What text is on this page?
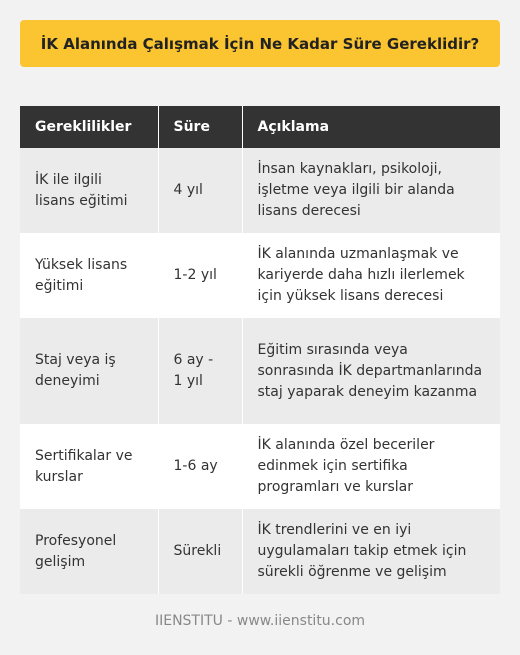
İK Alanında Çalışmak İçin Ne Kadar Süre Gereklidir?
Gereklilikler	Süre	Açıklama
İK ile ilgili lisans eğitimi	4 yıl	İnsan kaynakları, psikoloji, işletme veya ilgili bir alanda lisans derecesi
Yüksek lisans eğitimi	1-2 yıl	İK alanında uzmanlaşmak ve kariyerde daha hızlı ilerlemek için yüksek lisans derecesi
Staj veya iş deneyimi	6 ay - 1 yıl	Eğitim sırasında veya sonrasında İK departmanlarında staj yaparak deneyim kazanma
Sertifikalar ve kurslar	1-6 ay	İK alanında özel beceriler edinmek için sertifika programları ve kurslar
Profesyonel gelişim	Sürekli	İK trendlerini ve en iyi uygulamaları takip etmek için sürekli öğrenme ve gelişim
IIENSTITU - www.iienstitu.com
